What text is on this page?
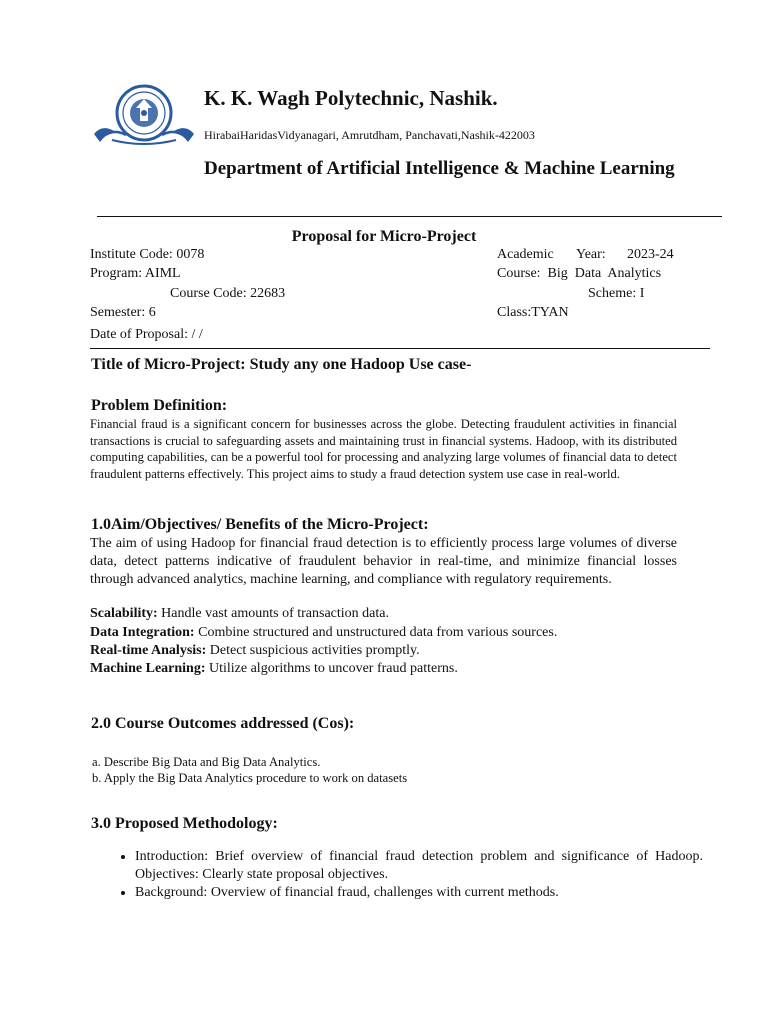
K. K. Wagh Polytechnic, Nashik.
HirabaiHaridasVidyanagari, Amrutdham, Panchavati,Nashik-422003
Department of Artificial Intelligence & Machine Learning
Proposal for Micro-Project
Institute Code: 0078
Program: AIML
Course Code: 22683
Semester: 6
Date of Proposal: / /
Academic Year: 2023-24
Course:  Big  Data  Analytics
Scheme: I
Class:TYAN
Title of Micro-Project: Study any one Hadoop Use case-
Problem Definition:
Financial fraud is a significant concern for businesses across the globe. Detecting fraudulent activities in financial transactions is crucial to safeguarding assets and maintaining trust in financial systems. Hadoop, with its distributed computing capabilities, can be a powerful tool for processing and analyzing large volumes of financial data to detect fraudulent patterns effectively. This project aims to study a fraud detection system use case in real-world.
1.0Aim/Objectives/ Benefits of the Micro-Project:
The aim of using Hadoop for financial fraud detection is to efficiently process large volumes of diverse data, detect patterns indicative of fraudulent behavior in real-time, and minimize financial losses through advanced analytics, machine learning, and compliance with regulatory requirements.
Scalability: Handle vast amounts of transaction data.
Data Integration: Combine structured and unstructured data from various sources.
Real-time Analysis: Detect suspicious activities promptly.
Machine Learning: Utilize algorithms to uncover fraud patterns.
2.0 Course Outcomes addressed (Cos):
a. Describe Big Data and Big Data Analytics.
b. Apply the Big Data Analytics procedure to work on datasets
3.0 Proposed Methodology:
• Introduction: Brief overview of financial fraud detection problem and significance of Hadoop. Objectives: Clearly state proposal objectives.
• Background: Overview of financial fraud, challenges with current methods.
